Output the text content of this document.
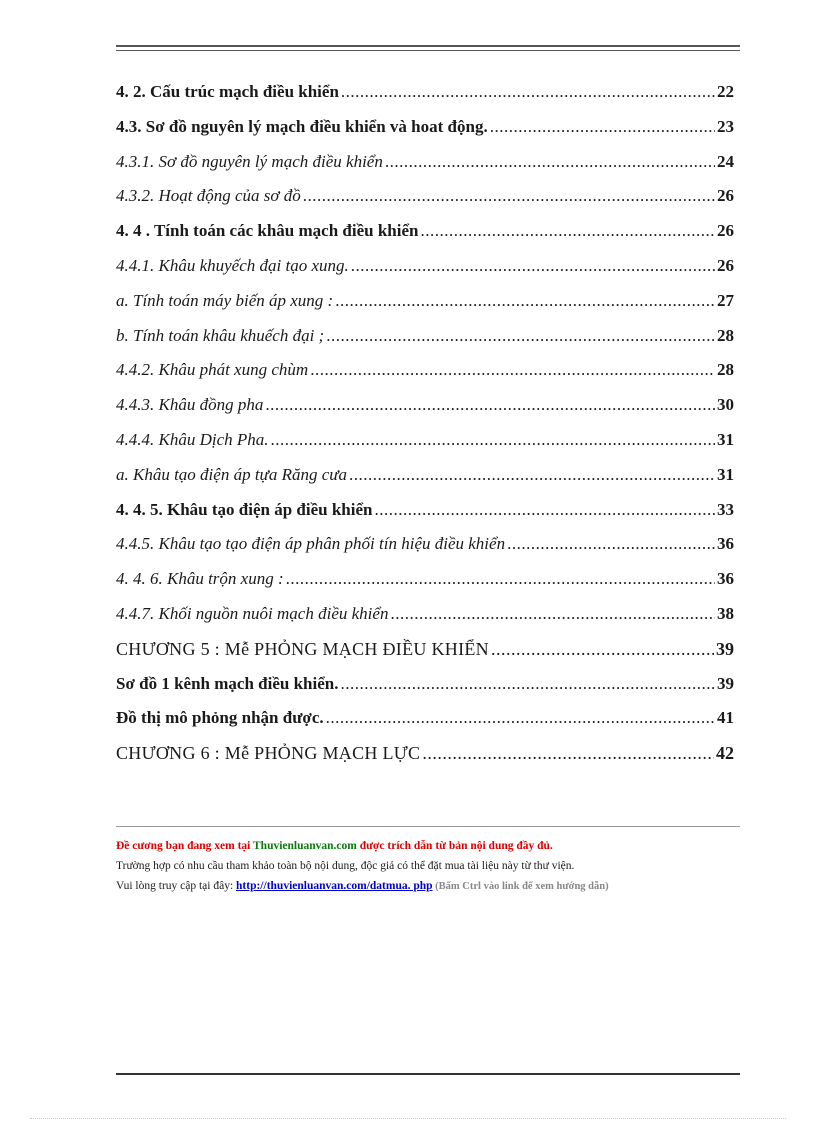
4. 2. Cấu trúc mạch điều khiển .....	22
4.3. Sơ đồ nguyên lý mạch điều khiển và hoat động. .....	23
4.3.1. Sơ đồ nguyên lý mạch điều khiển .....	24
4.3.2. Hoạt động của sơ đồ .....	26
4. 4 . Tính toán các khâu mạch điều khiển .....	26
4.4.1. Khâu khuyếch đại tạo xung. .....	26
a. Tính toán máy biến áp xung : .....	27
b. Tính toán khâu khuếch đại ; .....	28
4.4.2. Khâu phát xung chùm .....	28
4.4.3. Khâu đồng pha .....	30
4.4.4. Khâu Dịch Pha. .....	31
a. Khâu tạo điện áp tựa Răng cưa .....	31
4. 4. 5. Khâu tạo điện áp điều khiển .....	33
4.4.5. Khâu tạo tạo điện áp phân phối tín hiệu điều khiển .....	36
4. 4. 6. Khâu trộn xung : .....	36
4.4.7. Khối nguồn nuôi mạch điều khiển .....	38
CHƯƠNG 5 : Mễ PHỎNG MẠCH ĐIỀU KHIỂN .....	39
Sơ đồ 1 kênh mạch điều khiển. .....	39
Đồ thị mô phỏng nhận được. .....	41
CHƯƠNG 6 : Mễ PHỎNG MẠCH LỰC .....	42
Đề cương bạn đang xem tại Thuvienluanvan.com được trích dẫn từ bản nội dung đầy đủ.
Trường hợp có nhu cầu tham khảo toàn bộ nội dung, độc giả có thể đặt mua tài liệu này từ thư viện.
Vui lòng truy cập tại đây: http://thuvienluanvan.com/datmua. php (Bấm Ctrl vào link để xem hướng dẫn)
